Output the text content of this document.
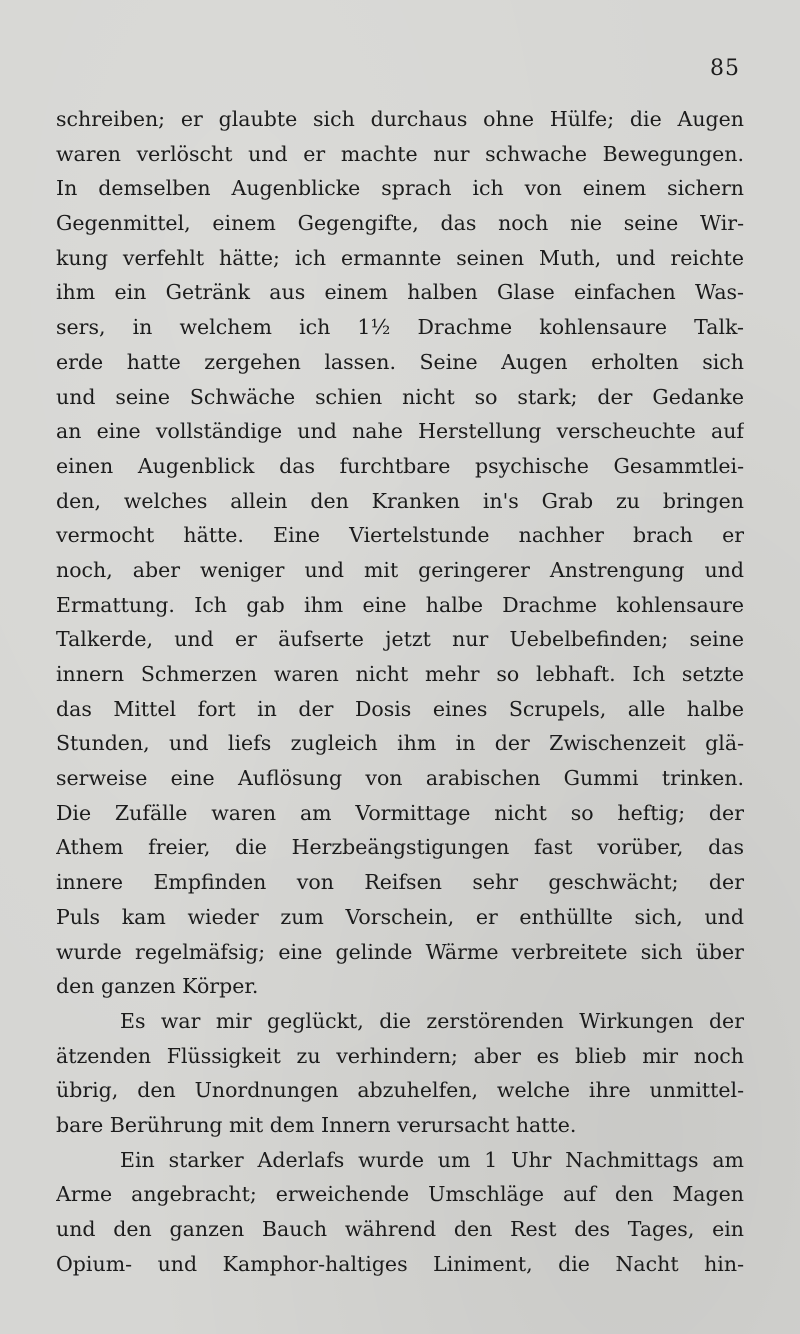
85
schreiben; er glaubte sich durchaus ohne Hülfe; die Augen
waren verlöscht und er machte nur schwache Bewegungen.
In demselben Augenblicke sprach ich von einem sichern
Gegenmittel, einem Gegengifte, das noch nie seine Wir-
kung verfehlt hätte; ich ermannte seinen Muth, und reichte
ihm ein Getränk aus einem halben Glase einfachen Was-
sers, in welchem ich 1½ Drachme kohlensaure Talk-
erde hatte zergehen lassen. Seine Augen erholten sich
und seine Schwäche schien nicht so stark; der Gedanke
an eine vollständige und nahe Herstellung verscheuchte auf
einen Augenblick das furchtbare psychische Gesammtlei-
den, welches allein den Kranken in's Grab zu bringen
vermocht hätte. Eine Viertelstunde nachher brach er
noch, aber weniger und mit geringerer Anstrengung und
Ermattung. Ich gab ihm eine halbe Drachme kohlensaure
Talkerde, und er äufserte jetzt nur Uebelbefinden; seine
innern Schmerzen waren nicht mehr so lebhaft. Ich setzte
das Mittel fort in der Dosis eines Scrupels, alle halbe
Stunden, und liefs zugleich ihm in der Zwischenzeit glä-
serweise eine Auflösung von arabischen Gummi trinken.
Die Zufälle waren am Vormittage nicht so heftig; der
Athem freier, die Herzbeängstigungen fast vorüber, das
innere Empfinden von Reifsen sehr geschwächt; der
Puls kam wieder zum Vorschein, er enthüllte sich, und
wurde regelmäfsig; eine gelinde Wärme verbreitete sich über
den ganzen Körper.
Es war mir geglückt, die zerstörenden Wirkungen der
ätzenden Flüssigkeit zu verhindern; aber es blieb mir noch
übrig, den Unordnungen abzuhelfen, welche ihre unmittel-
bare Berührung mit dem Innern verursacht hatte.
Ein starker Aderlafs wurde um 1 Uhr Nachmittags am
Arme angebracht; erweichende Umschläge auf den Magen
und den ganzen Bauch während den Rest des Tages, ein
Opium- und Kamphor-haltiges Liniment, die Nacht hin-
